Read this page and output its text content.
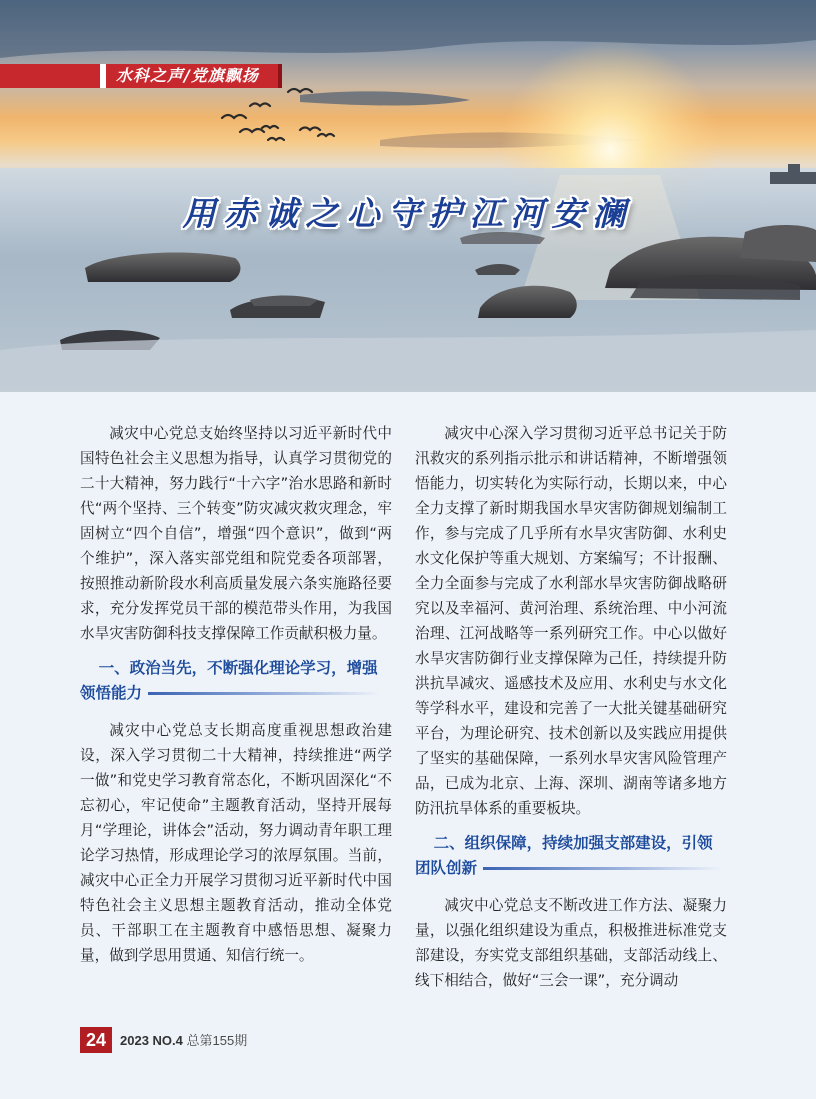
水科之声/党旗飘扬
用赤诚之心守护江河安澜

减灾中心党总支始终坚持以习近平新时代中国特色社会主义思想为指导，认真学习贯彻党的二十大精神，努力践行“十六字”治水思路和新时代“两个坚持、三个转变”防灾减灾救灾理念，牢固树立“四个自信”，增强“四个意识”，做到“两个维护”，深入落实部党组和院党委各项部署，按照推动新阶段水利高质量发展六条实施路径要求，充分发挥党员干部的模范带头作用，为我国水旱灾害防御科技支撑保障工作贡献积极力量。

一、政治当先，不断强化理论学习，增强领悟能力

减灾中心党总支长期高度重视思想政治建设，深入学习贯彻二十大精神，持续推进“两学一做”和党史学习教育常态化，不断巩固深化“不忘初心，牢记使命”主题教育活动，坚持开展每月“学理论，讲体会”活动，努力调动青年职工理论学习热情，形成理论学习的浓厚氛围。当前，减灾中心正全力开展学习贯彻习近平新时代中国特色社会主义思想主题教育活动，推动全体党员、干部职工在主题教育中感悟思想、凝聚力量，做到学思用贯通、知信行统一。

减灾中心深入学习贯彻习近平总书记关于防汛救灾的系列指示批示和讲话精神，不断增强领悟能力，切实转化为实际行动，长期以来，中心全力支撑了新时期我国水旱灾害防御规划编制工作，参与完成了几乎所有水旱灾害防御、水利史水文化保护等重大规划、方案编写；不计报酬、全力全面参与完成了水利部水旱灾害防御战略研究以及幸福河、黄河治理、系统治理、中小河流治理、江河战略等一系列研究工作。中心以做好水旱灾害防御行业支撑保障为己任，持续提升防洪抗旱减灾、遥感技术及应用、水利史与水文化等学科水平，建设和完善了一大批关键基础研究平台，为理论研究、技术创新以及实践应用提供了坚实的基础保障，一系列水旱灾害风险管理产品，已成为北京、上海、深圳、湖南等诸多地方防汛抗旱体系的重要板块。

二、组织保障，持续加强支部建设，引领团队创新

减灾中心党总支不断改进工作方法、凝聚力量，以强化组织建设为重点，积极推进标准党支部建设，夯实党支部组织基础，支部活动线上、线下相结合，做好“三会一课”，充分调动

24	2023 NO.4 总第155期
